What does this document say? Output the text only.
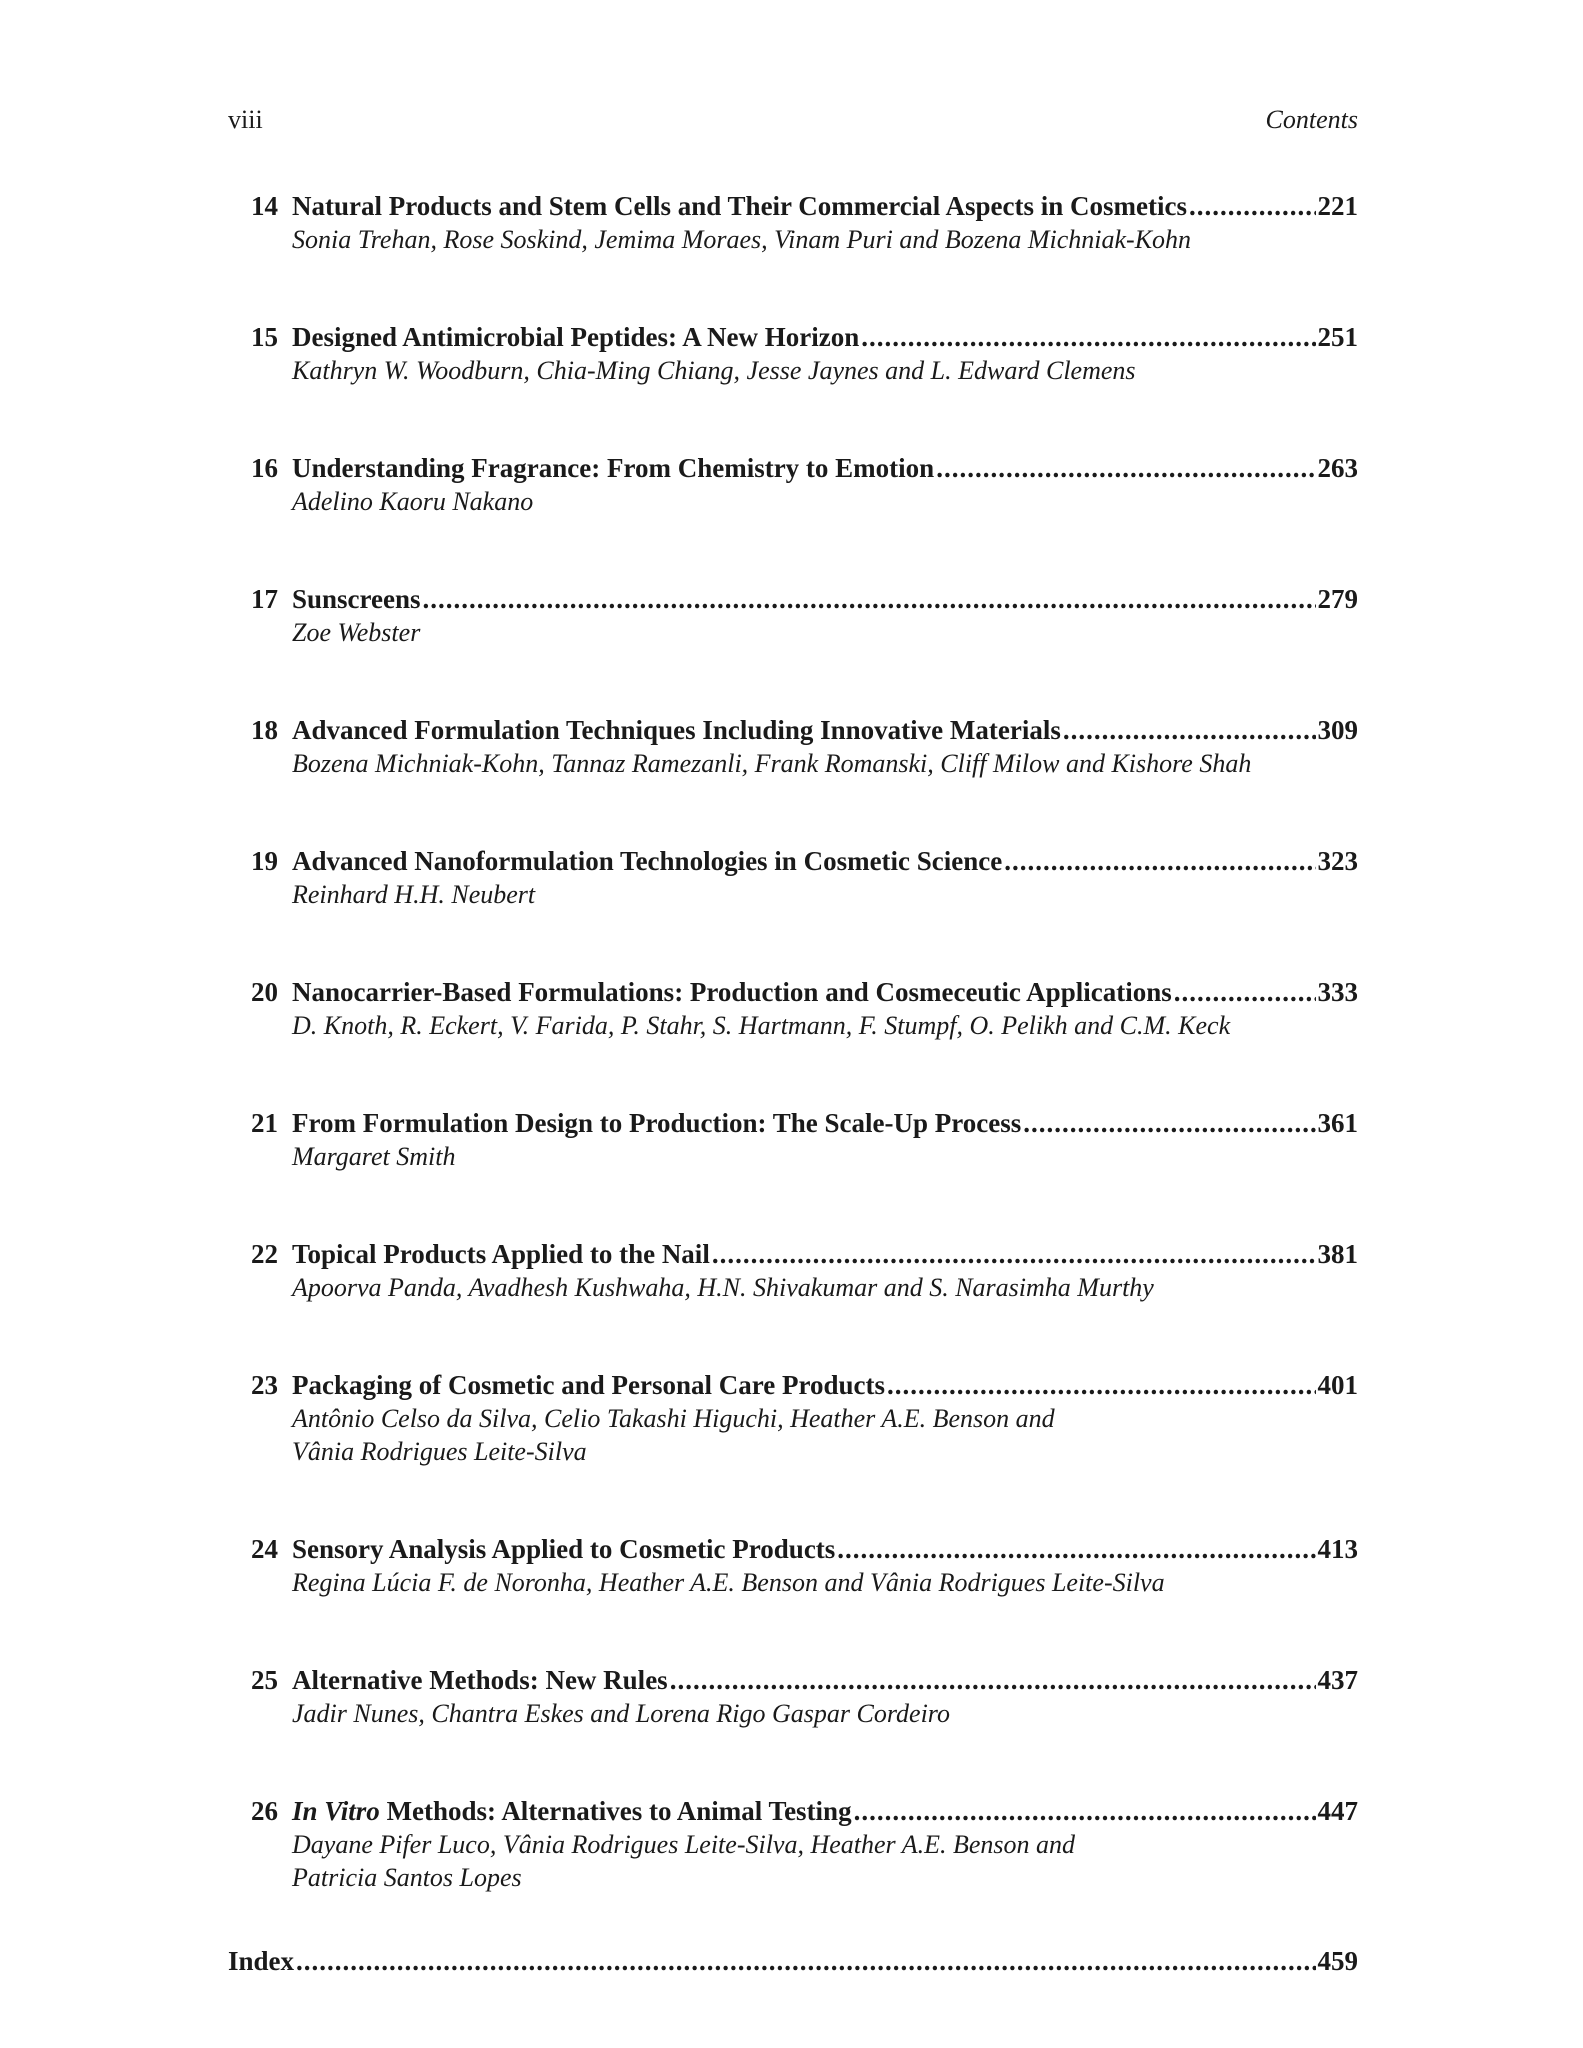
viii	Contents
14 Natural Products and Stem Cells and Their Commercial Aspects in Cosmetics .....	221
Sonia Trehan, Rose Soskind, Jemima Moraes, Vinam Puri and Bozena Michniak-Kohn
15 Designed Antimicrobial Peptides: A New Horizon .....	251
Kathryn W. Woodburn, Chia-Ming Chiang, Jesse Jaynes and L. Edward Clemens
16 Understanding Fragrance: From Chemistry to Emotion .....	263
Adelino Kaoru Nakano
17 Sunscreens .....	279
Zoe Webster
18 Advanced Formulation Techniques Including Innovative Materials .....	309
Bozena Michniak-Kohn, Tannaz Ramezanli, Frank Romanski, Cliff Milow and Kishore Shah
19 Advanced Nanoformulation Technologies in Cosmetic Science .....	323
Reinhard H.H. Neubert
20 Nanocarrier-Based Formulations: Production and Cosmeceutic Applications .....	333
D. Knoth, R. Eckert, V. Farida, P. Stahr, S. Hartmann, F. Stumpf, O. Pelikh and C.M. Keck
21 From Formulation Design to Production: The Scale-Up Process .....	361
Margaret Smith
22 Topical Products Applied to the Nail .....	381
Apoorva Panda, Avadhesh Kushwaha, H.N. Shivakumar and S. Narasimha Murthy
23 Packaging of Cosmetic and Personal Care Products .....	401
Antônio Celso da Silva, Celio Takashi Higuchi, Heather A.E. Benson and
Vânia Rodrigues Leite-Silva
24 Sensory Analysis Applied to Cosmetic Products .....	413
Regina Lúcia F. de Noronha, Heather A.E. Benson and Vânia Rodrigues Leite-Silva
25 Alternative Methods: New Rules .....	437
Jadir Nunes, Chantra Eskes and Lorena Rigo Gaspar Cordeiro
26 In Vitro Methods: Alternatives to Animal Testing .....	447
Dayane Pifer Luco, Vânia Rodrigues Leite-Silva, Heather A.E. Benson and
Patricia Santos Lopes
Index .....	459
